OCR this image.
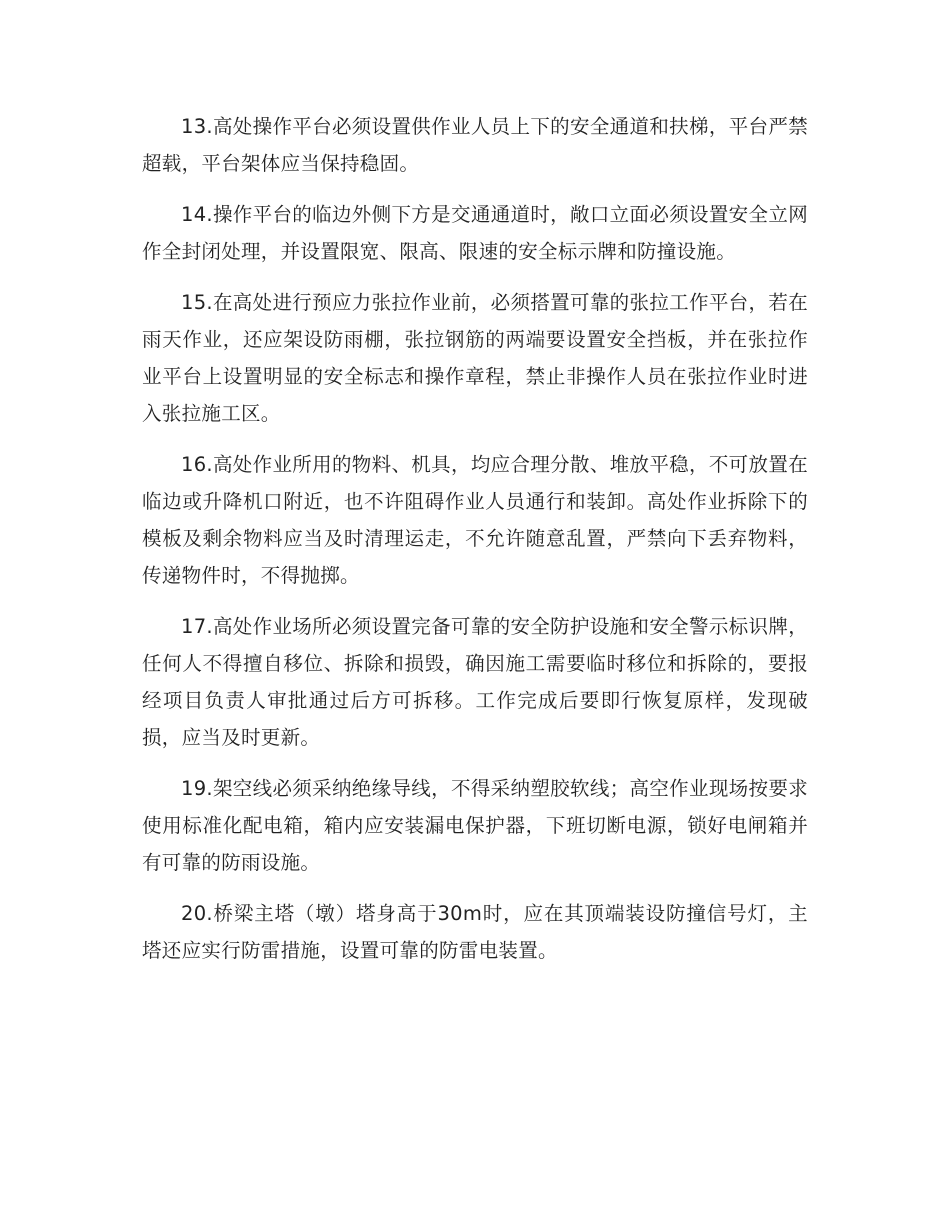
13.高处操作平台必须设置供作业人员上下的安全通道和扶梯，平台严禁超载，平台架体应当保持稳固。

14.操作平台的临边外侧下方是交通通道时，敞口立面必须设置安全立网作全封闭处理，并设置限宽、限高、限速的安全标示牌和防撞设施。

15.在高处进行预应力张拉作业前，必须搭置可靠的张拉工作平台，若在雨天作业，还应架设防雨棚，张拉钢筋的两端要设置安全挡板，并在张拉作业平台上设置明显的安全标志和操作章程，禁止非操作人员在张拉作业时进入张拉施工区。

16.高处作业所用的物料、机具，均应合理分散、堆放平稳，不可放置在临边或升降机口附近，也不许阻碍作业人员通行和装卸。高处作业拆除下的模板及剩余物料应当及时清理运走，不允许随意乱置，严禁向下丢弃物料，传递物件时，不得抛掷。

17.高处作业场所必须设置完备可靠的安全防护设施和安全警示标识牌，任何人不得擅自移位、拆除和损毁，确因施工需要临时移位和拆除的，要报经项目负责人审批通过后方可拆移。工作完成后要即行恢复原样，发现破损，应当及时更新。

19.架空线必须采纳绝缘导线，不得采纳塑胶软线；高空作业现场按要求使用标准化配电箱，箱内应安装漏电保护器，下班切断电源，锁好电闸箱并有可靠的防雨设施。

20.桥梁主塔（墩）塔身高于30m时，应在其顶端装设防撞信号灯，主塔还应实行防雷措施，设置可靠的防雷电装置。
